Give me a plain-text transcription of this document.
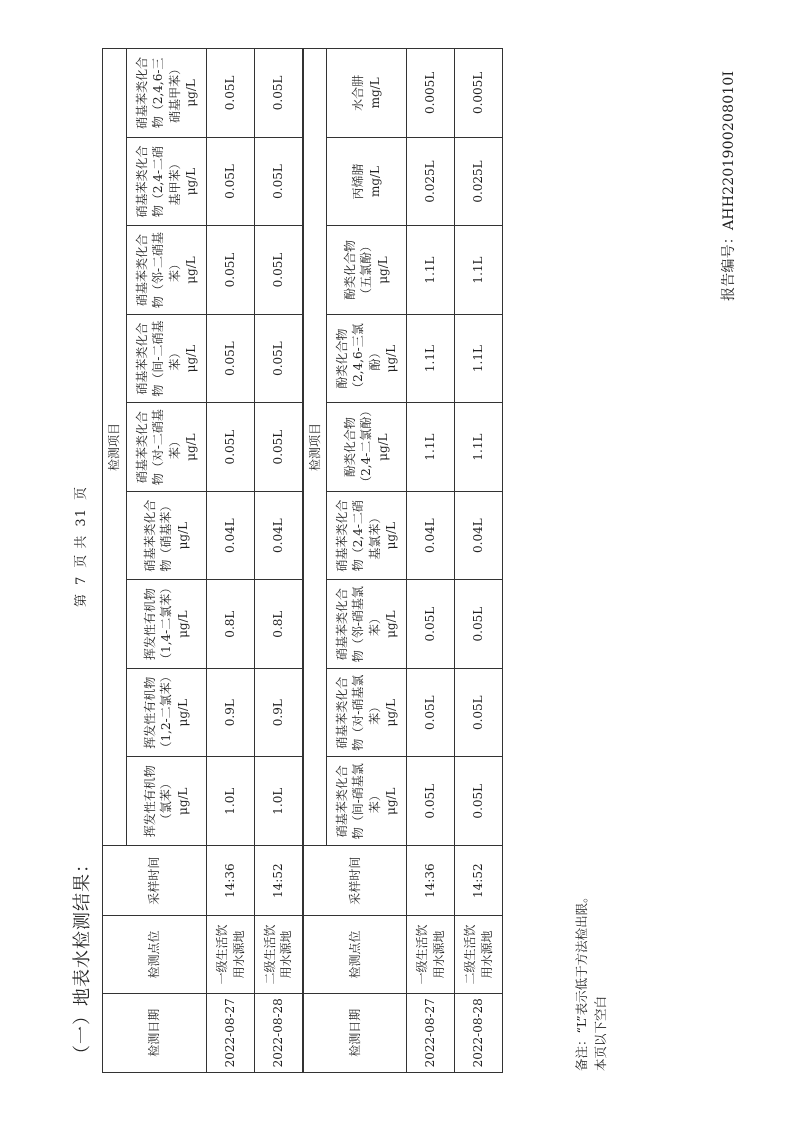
报告编号：AHH2201900208010I
（一）地表水检测结果：	检测日期	检测点位	采样时间	检测项目								

			挥发性有机物（氯苯） μg/L	挥发性有机物（1,2-二氯苯） μg/L	挥发性有机物（1,4-二氯苯） μg/L	硝基苯类化合物（硝基苯） μg/L	硝基苯类化合物（对-二硝基苯） μg/L	硝基苯类化合物（间-二硝基苯） μg/L	硝基苯类化合物（邻-二硝基苯） μg/L	硝基苯类化合物（2,4-二硝基甲苯） μg/L	硝基苯类化合物（2,4,6-三硝基甲苯） μg/L

2022-08-27	一级生活饮用水源地	14:36	1.0L	0.9L	0.8L	0.04L	0.05L	0.05L	0.05L	0.05L	0.05L
2022-08-28	二级生活饮用水源地	14:52	1.0L	0.9L	0.8L	0.04L	0.05L	0.05L	0.05L	0.05L	0.05L
检测日期	检测点位	采样时间	检测项目								

			硝基苯类化合物（间-硝基氯苯） μg/L	硝基苯类化合物（对-硝基氯苯） μg/L	硝基苯类化合物（邻-硝基氯苯） μg/L	硝基苯类化合物（2,4-二硝基氯苯） μg/L	酚类化合物（2,4-二氯酚） μg/L	酚类化合物（2,4,6-三氯酚） μg/L	酚类化合物（五氯酚） μg/L	丙烯腈 mg/L	水合肼 mg/L

2022-08-27	一级生活饮用水源地	14:36	0.05L	0.05L	0.05L	0.04L	1.1L	1.1L	1.1L	0.025L	0.005L
2022-08-28	二级生活饮用水源地	14:52	0.05L	0.05L	0.05L	0.04L	1.1L	1.1L	1.1L	0.025L	0.005L
备注：“L”表示低于方法检出限。 本页以下空白
第7页 共31页
